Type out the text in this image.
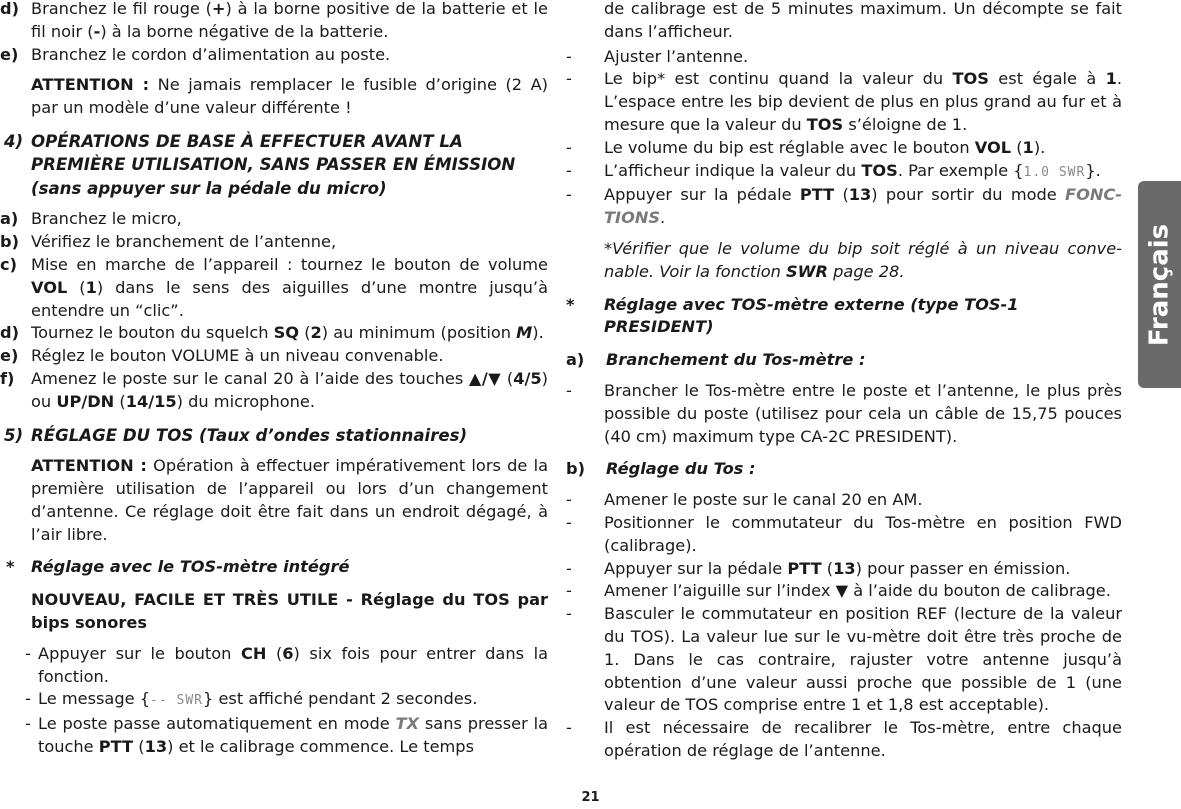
d) Branchez le fil rouge (+) à la borne positive de la batterie et le fil noir (-) à la borne négative de la batterie.
e) Branchez le cordon d’alimentation au poste.

ATTENTION : Ne jamais remplacer le fusible d’origine (2 A) par un modèle d’une valeur différente !

4) OPÉRATIONS DE BASE À EFFECTUER AVANT LA PREMIÈRE UTILISATION, SANS PASSER EN ÉMISSION (sans appuyer sur la pédale du micro)
a) Branchez le micro,
b) Vérifiez le branchement de l’antenne,
c) Mise en marche de l’appareil : tournez le bouton de volume VOL (1) dans le sens des aiguilles d’une montre jusqu’à entendre un “clic”.
d) Tournez le bouton du squelch SQ (2) au minimum (position M).
e) Réglez le bouton VOLUME à un niveau convenable.
f) Amenez le poste sur le canal 20 à l’aide des touches ▲/▼ (4/5) ou UP/DN (14/15) du microphone.
5) RÉGLAGE DU TOS (Taux d’ondes stationnaires)

ATTENTION : Opération à effectuer impérativement lors de la première utilisation de l’appareil ou lors d’un changement d’antenne. Ce réglage doit être fait dans un endroit dégagé, à l’air libre.

* Réglage avec le TOS-mètre intégré

NOUVEAU, FACILE ET TRÈS UTILE - Réglage du TOS par bips sonores

- Appuyer sur le bouton CH (6) six fois pour entrer dans la fonction.
- Le message {-- SWR} est affiché pendant 2 secondes.
- Le poste passe automatiquement en mode TX sans presser la touche PTT (13) et le calibrage commence. Le temps

de calibrage est de 5 minutes maximum. Un décompte se fait dans l’afficheur.

- Ajuster l’antenne.
- Le bip* est continu quand la valeur du TOS est égale à 1. L’espace entre les bip devient de plus en plus grand au fur et à mesure que la valeur du TOS s’éloigne de 1.
- Le volume du bip est réglable avec le bouton VOL (1).
- L’afficheur indique la valeur du TOS. Par exemple {1.0 SWR}.
- Appuyer sur la pédale PTT (13) pour sortir du mode FONCTIONS.

*Vérifier que le volume du bip soit réglé à un niveau convenable. Voir la fonction SWR page 28.

* Réglage avec TOS-mètre externe (type TOS-1 PRESIDENT)
a) Branchement du Tos-mètre :
- Brancher le Tos-mètre entre le poste et l’antenne, le plus près possible du poste (utilisez pour cela un câble de 15,75 pouces (40 cm) maximum type CA-2C PRESIDENT).
b) Réglage du Tos :
- Amener le poste sur le canal 20 en AM.
- Positionner le commutateur du Tos-mètre en position FWD (calibrage).
- Appuyer sur la pédale PTT (13) pour passer en émission.
- Amener l’aiguille sur l’index ▼ à l’aide du bouton de calibrage.
- Basculer le commutateur en position REF (lecture de la valeur du TOS). La valeur lue sur le vu-mètre doit être très proche de 1. Dans le cas contraire, rajuster votre antenne jusqu’à obtention d’une valeur aussi proche que possible de 1 (une valeur de TOS comprise entre 1 et 1,8 est acceptable).
- Il est nécessaire de recalibrer le Tos-mètre, entre chaque opération de réglage de l’antenne.
Français
21
